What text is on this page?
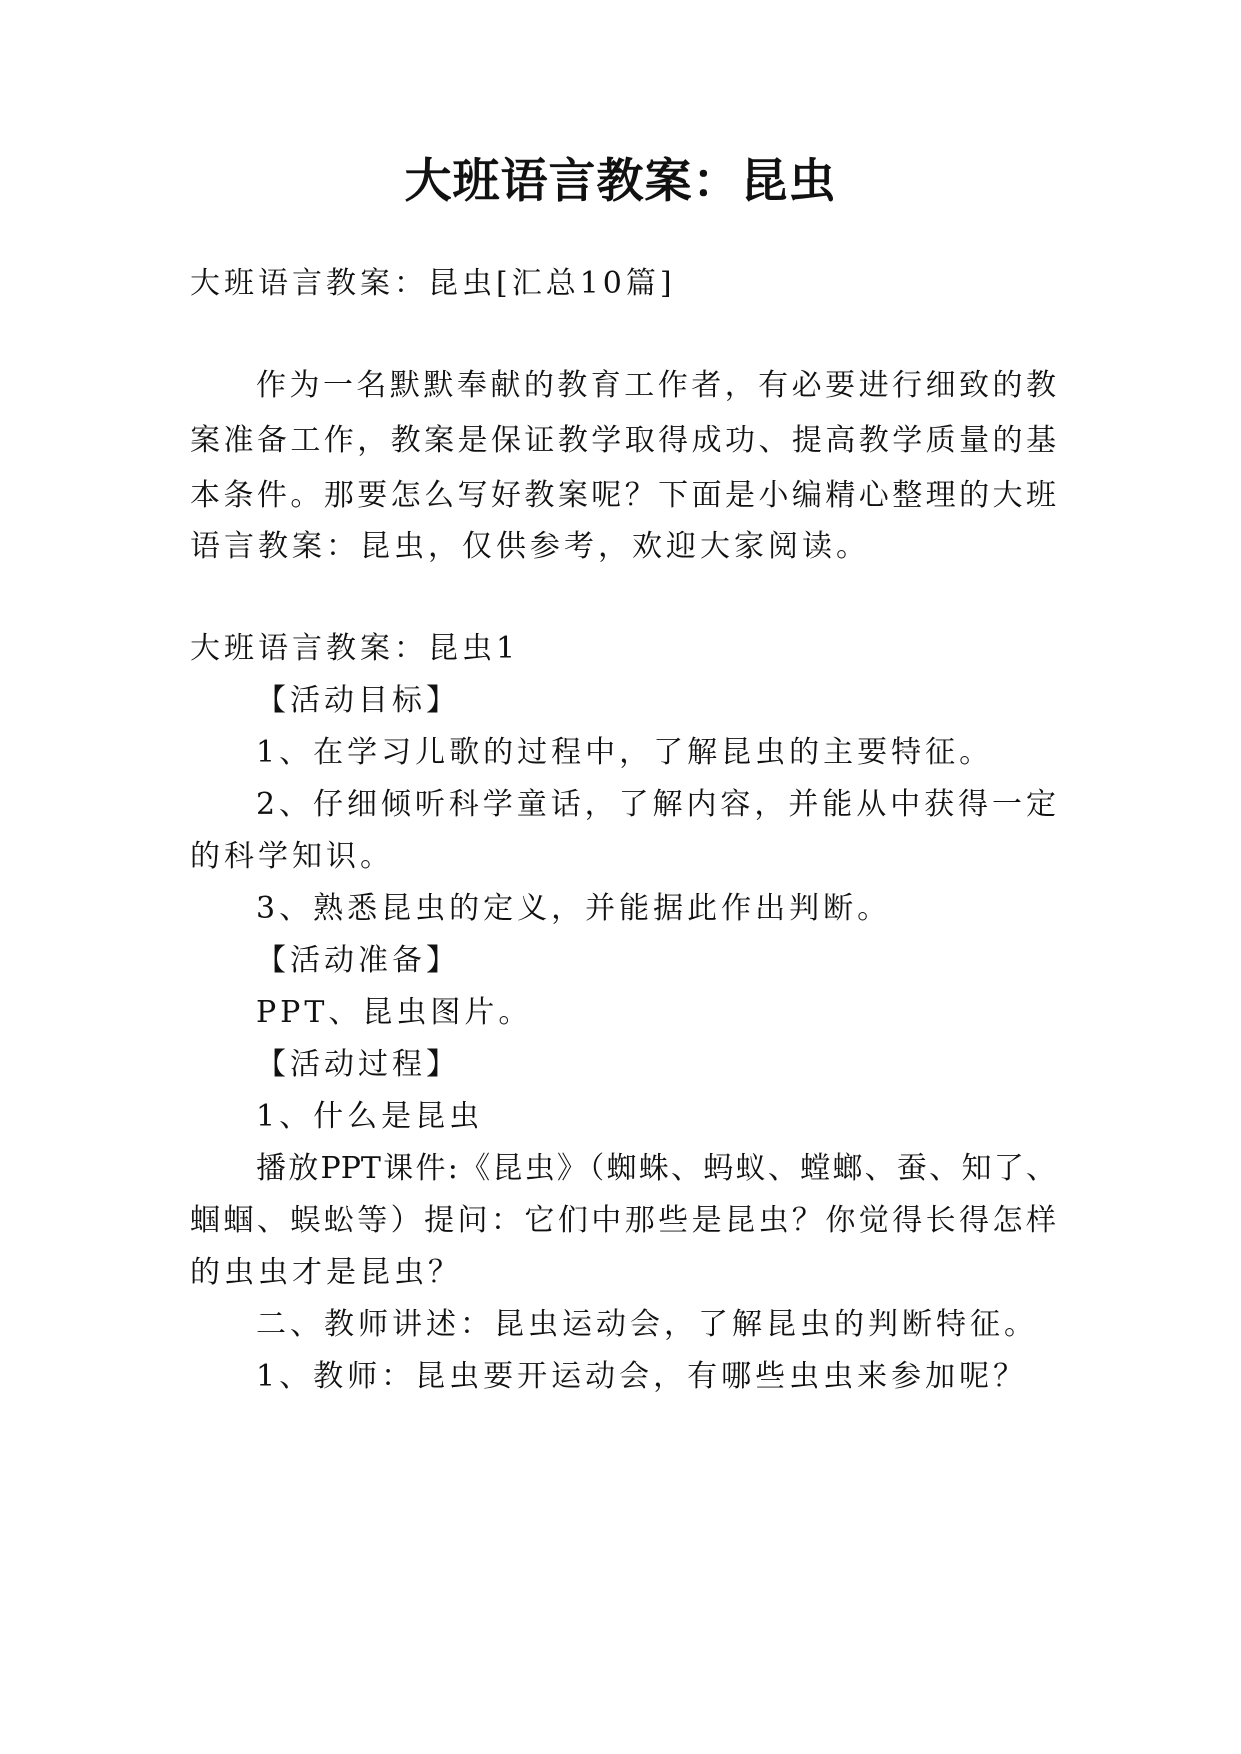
大班语言教案：昆虫
大班语言教案：昆虫[汇总10篇]
作为一名默默奉献的教育工作者，有必要进行细致的教
案准备工作，教案是保证教学取得成功、提高教学质量的基
本条件。那要怎么写好教案呢？下面是小编精心整理的大班
语言教案：昆虫，仅供参考，欢迎大家阅读。
大班语言教案：昆虫1
【活动目标】
1、在学习儿歌的过程中，了解昆虫的主要特征。
2、仔细倾听科学童话，了解内容，并能从中获得一定
的科学知识。
3、熟悉昆虫的定义，并能据此作出判断。
【活动准备】
PPT、昆虫图片。
【活动过程】
1、什么是昆虫
播放PPT课件:《昆虫》（蜘蛛、蚂蚁、螳螂、蚕、知了、
蝈蝈、蜈蚣等）提问：它们中那些是昆虫？你觉得长得怎样
的虫虫才是昆虫？
二、教师讲述：昆虫运动会，了解昆虫的判断特征。
1、教师：昆虫要开运动会，有哪些虫虫来参加呢？
